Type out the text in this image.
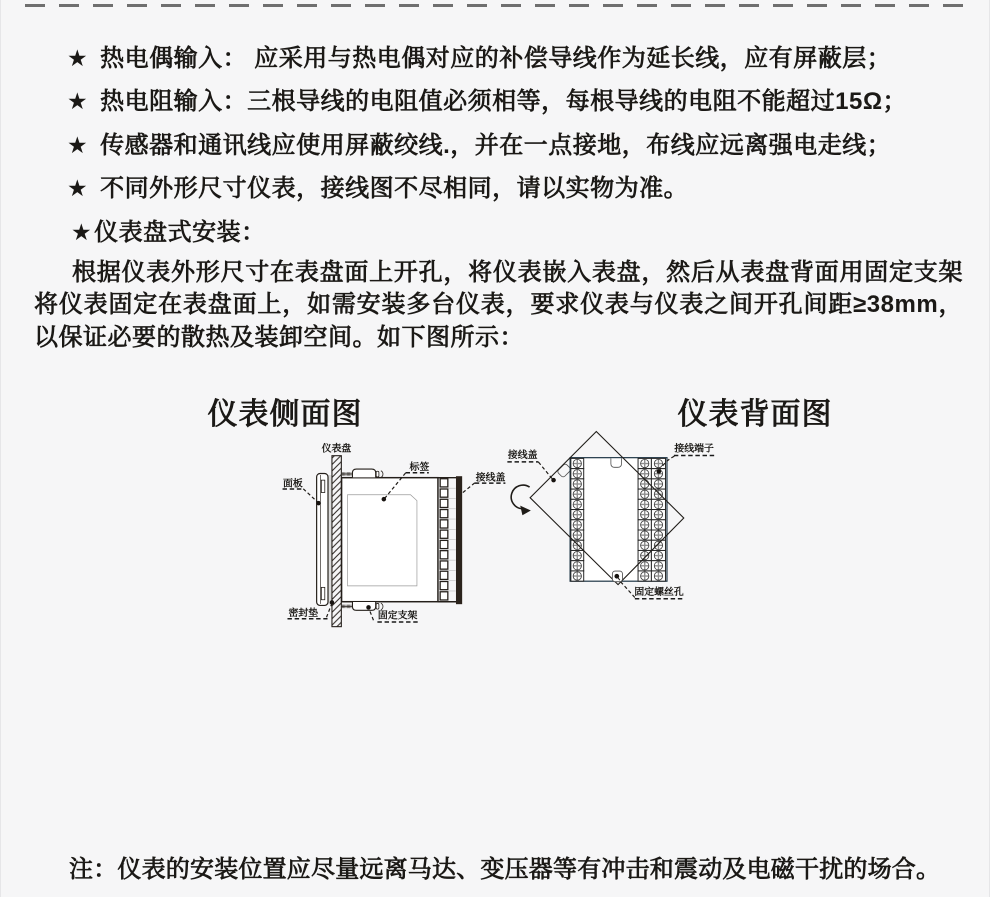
★ 热电偶输入： 应采用与热电偶对应的补偿导线作为延长线，应有屏蔽层；
★ 热电阻输入：三根导线的电阻值必须相等，每根导线的电阻不能超过15Ω；
★ 传感器和通讯线应使用屏蔽绞线.，并在一点接地，布线应远离强电走线；
★ 不同外形尺寸仪表，接线图不尽相同，请以实物为准。
★仪表盘式安装：
根据仪表外形尺寸在表盘面上开孔，将仪表嵌入表盘，然后从表盘背面用固定支架将仪表固定在表盘面上，如需安装多台仪表，要求仪表与仪表之间开孔间距≥38mm，以保证必要的散热及装卸空间。如下图所示：
仪表侧面图	仪表背面图
仪表盘
面板
标签
接线盖
密封垫	固定支架
接线盖
接线端子
固定螺丝孔
注：仪表的安装位置应尽量远离马达、变压器等有冲击和震动及电磁干扰的场合。
